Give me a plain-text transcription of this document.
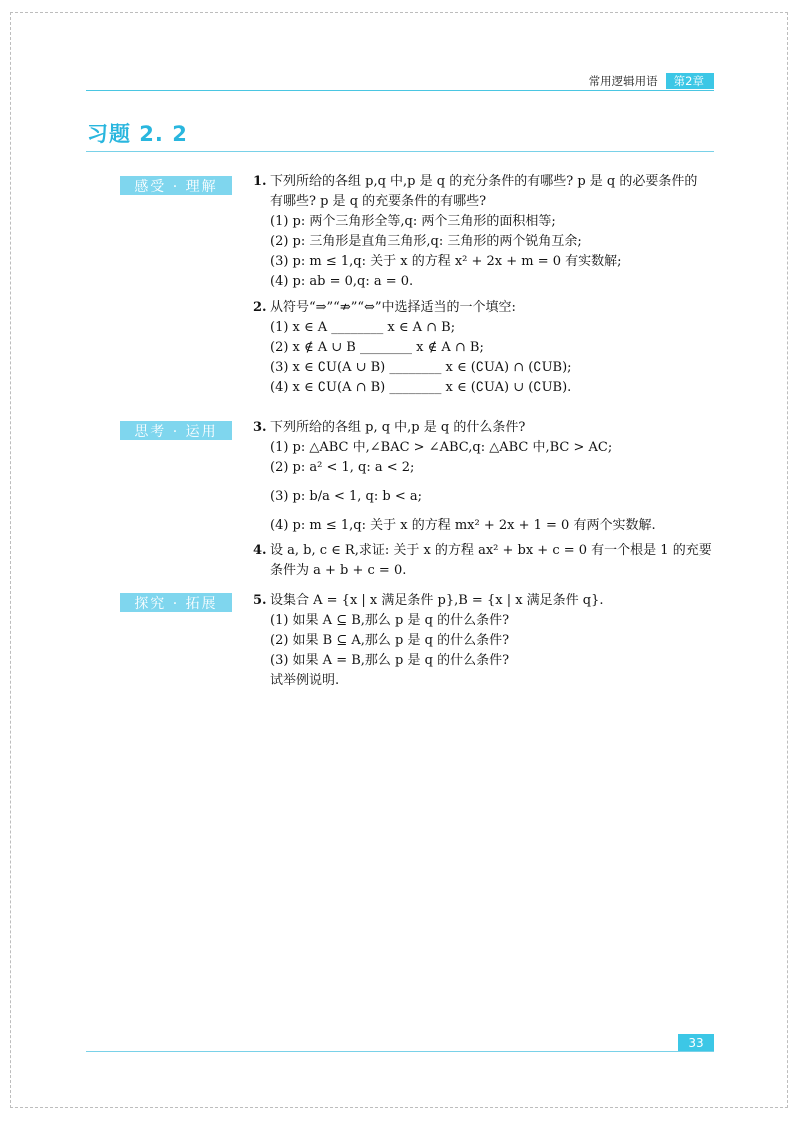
常用逻辑用语	第2章
习题 2. 2
感受 · 理解
思考 · 运用
探究 · 拓展
1. 下列所给的各组 p,q 中,p 是 q 的充分条件的有哪些? p 是 q 的必要条件的
有哪些? p 是 q 的充要条件的有哪些?
(1) p: 两个三角形全等,q: 两个三角形的面积相等;
(2) p: 三角形是直角三角形,q: 三角形的两个锐角互余;
(3) p: m ≤ 1,q: 关于 x 的方程 x² + 2x + m = 0 有实数解;
(4) p: ab = 0,q: a = 0.
2. 从符号“⇒”“⇏”“⇔”中选择适当的一个填空:
(1) x ∈ A ________ x ∈ A ∩ B;
(2) x ∉ A ∪ B ________ x ∉ A ∩ B;
(3) x ∈ ∁U(A ∪ B) ________ x ∈ (∁UA) ∩ (∁UB);
(4) x ∈ ∁U(A ∩ B) ________ x ∈ (∁UA) ∪ (∁UB).
3. 下列所给的各组 p, q 中,p 是 q 的什么条件?
(1) p: △ABC 中,∠BAC > ∠ABC,q: △ABC 中,BC > AC;
(2) p: a² < 1, q: a < 2;
(3) p: b/a < 1, q: b < a;
(4) p: m ≤ 1,q: 关于 x 的方程 mx² + 2x + 1 = 0 有两个实数解.
4. 设 a, b, c ∈ R,求证: 关于 x 的方程 ax² + bx + c = 0 有一个根是 1 的充要
条件为 a + b + c = 0.
5. 设集合 A = {x | x 满足条件 p},B = {x | x 满足条件 q}.
(1) 如果 A ⊆ B,那么 p 是 q 的什么条件?
(2) 如果 B ⊆ A,那么 p 是 q 的什么条件?
(3) 如果 A = B,那么 p 是 q 的什么条件?
试举例说明.
33
